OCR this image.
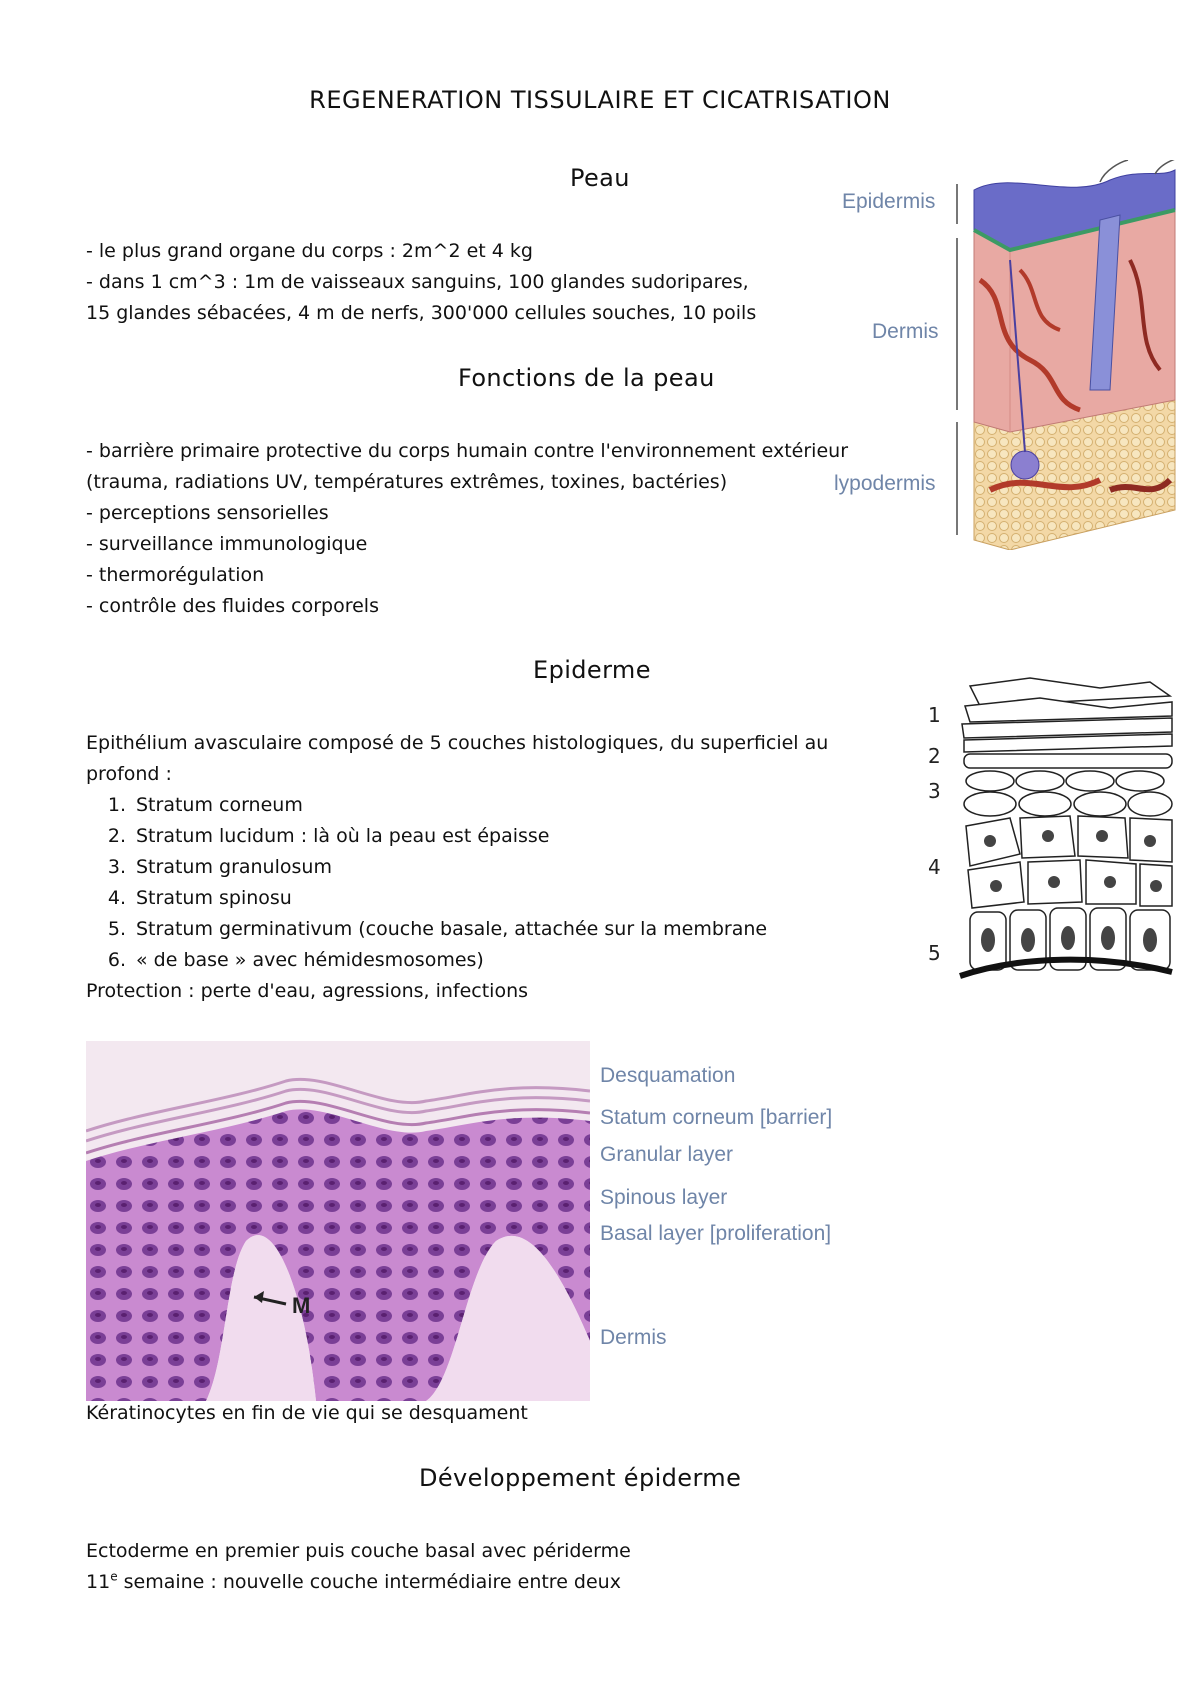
REGENERATION TISSULAIRE ET CICATRISATION

Peau

- le plus grand organe du corps : 2m^2 et 4 kg

- dans 1 cm^3 : 1m de vaisseaux sanguins, 100 glandes sudoripares,

15 glandes sébacées, 4 m de nerfs, 300'000 cellules souches, 10 poils

Epidermis
Dermis
lypodermis

Fonctions de la peau

- barrière primaire protective du corps humain contre l'environnement extérieur

(trauma, radiations UV, températures extrêmes, toxines, bactéries)

- perceptions sensorielles

- surveillance immunologique

- thermorégulation

- contrôle des fluides corporels

Epiderme

Epithélium avasculaire composé de 5 couches histologiques, du superficiel au

profond :

1. Stratum corneum
2. Stratum lucidum : là où la peau est épaisse
3. Stratum granulosum
4. Stratum spinosu
5. Stratum germinativum (couche basale, attachée sur la membrane
6. « de base » avec hémidesmosomes)

Protection : perte d'eau, agressions, infections

1
2
3
4
5
M
Desquamation
Statum corneum [barrier]
Granular layer
Spinous layer
Basal layer [proliferation]
Dermis

Kératinocytes en fin de vie qui se desquament

Développement épiderme

Ectoderme en premier puis couche basal avec périderme

11e semaine : nouvelle couche intermédiaire entre deux
